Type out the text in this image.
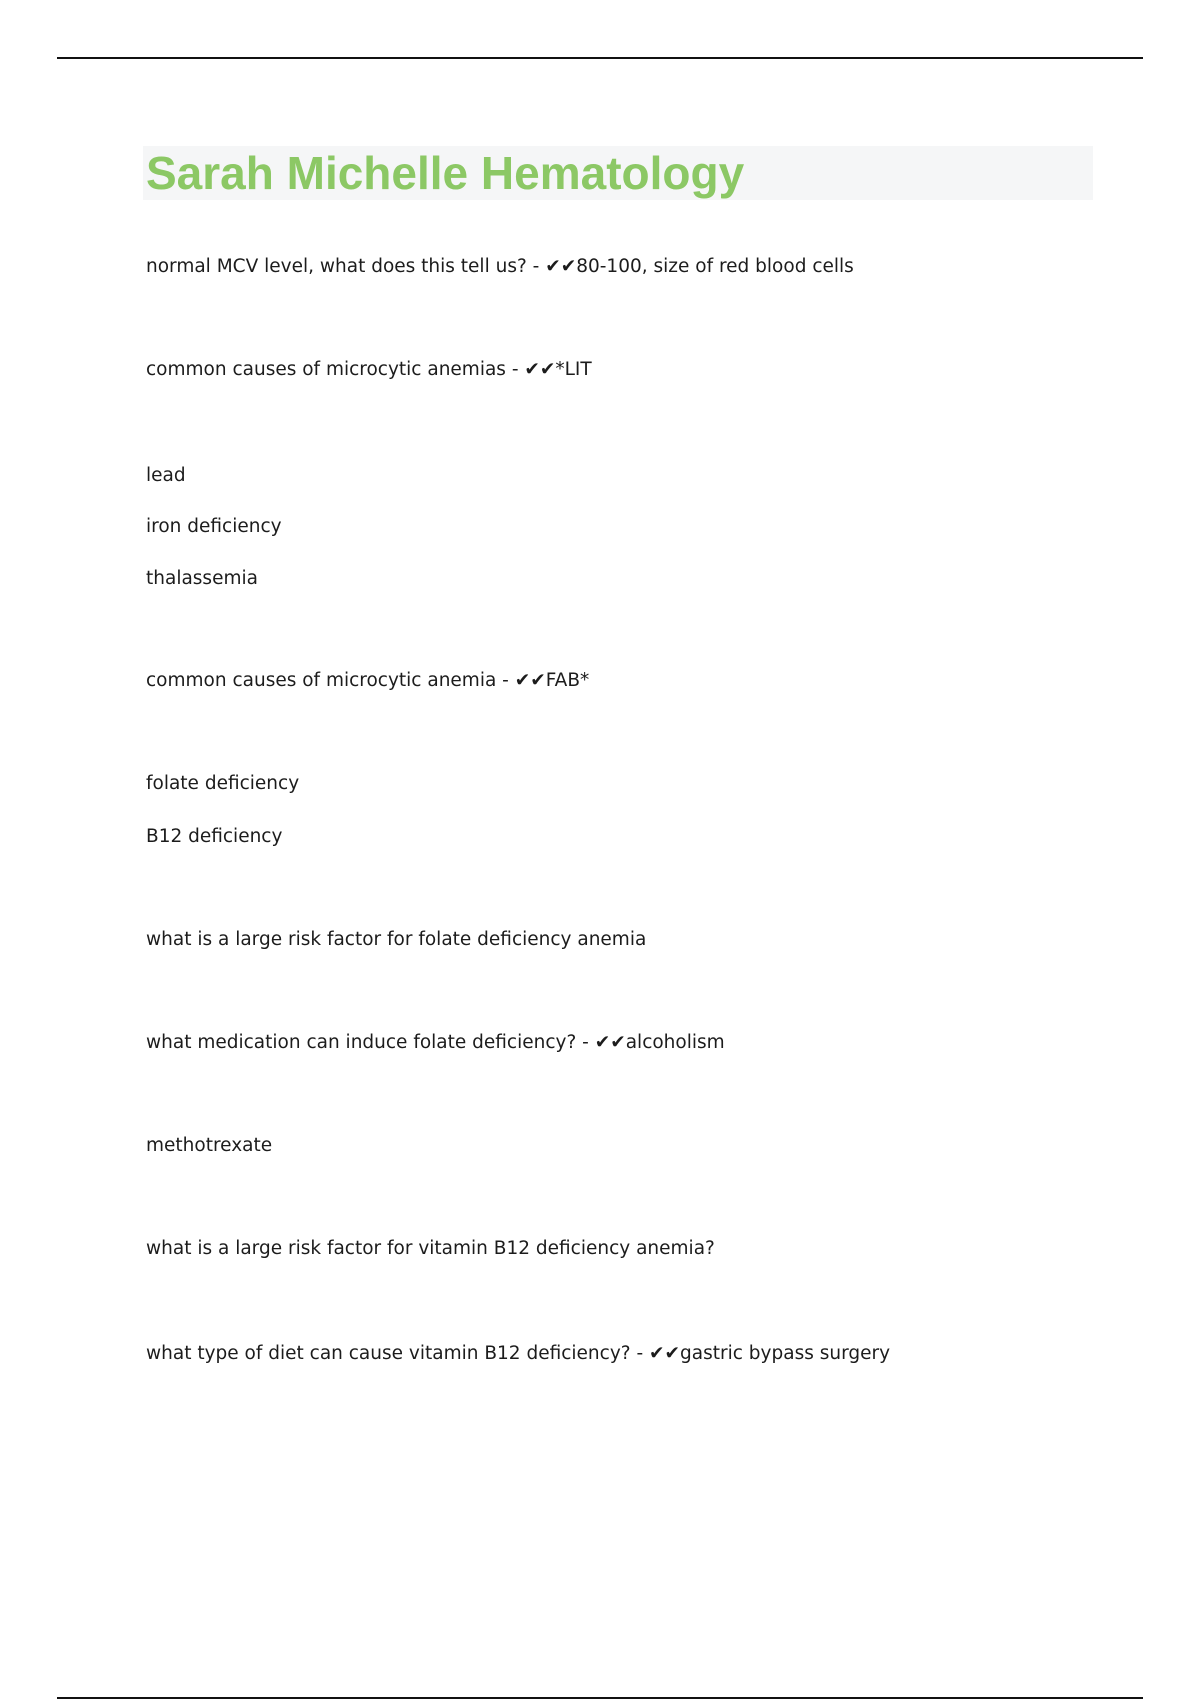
Sarah Michelle Hematology
normal MCV level, what does this tell us? - ✔✔80-100, size of red blood cells
common causes of microcytic anemias - ✔✔*LIT
lead
iron deficiency
thalassemia
common causes of microcytic anemia - ✔✔FAB*
folate deficiency
B12 deficiency
what is a large risk factor for folate deficiency anemia
what medication can induce folate deficiency? - ✔✔alcoholism
methotrexate
what is a large risk factor for vitamin B12 deficiency anemia?
what type of diet can cause vitamin B12 deficiency? - ✔✔gastric bypass surgery
